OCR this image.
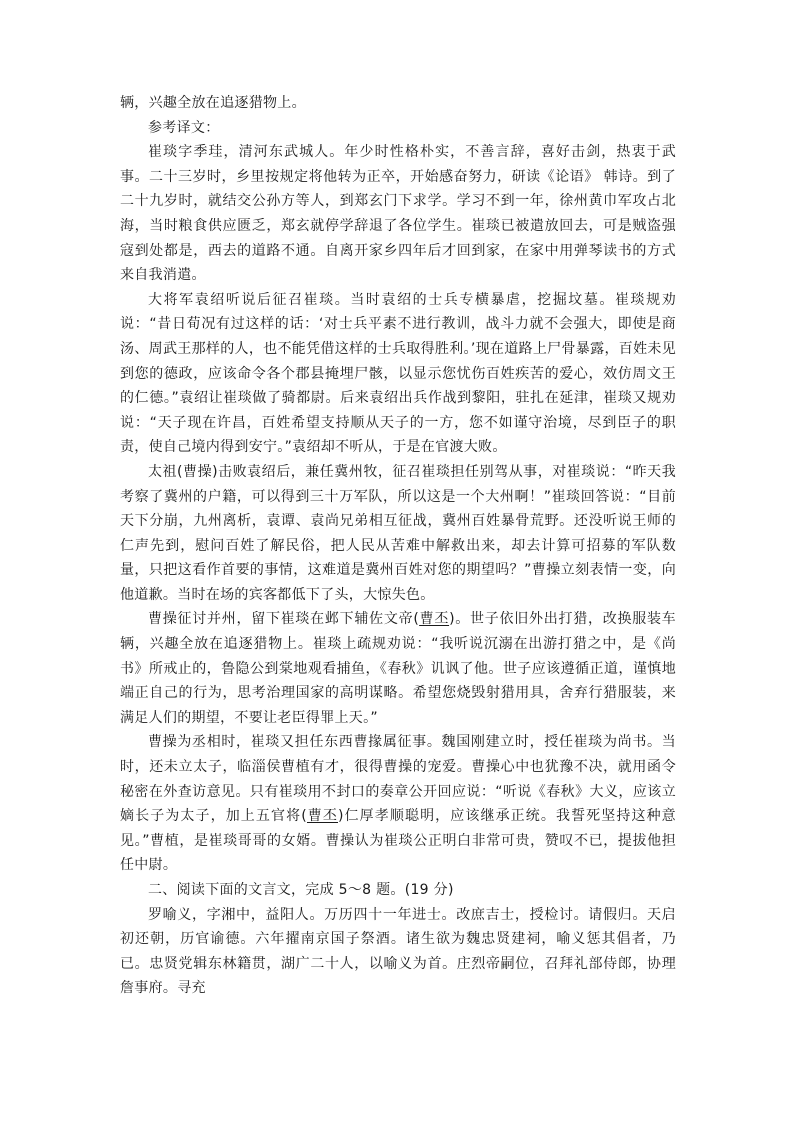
辆，兴趣全放在追逐猎物上。

参考译文：

崔琰字季珪，清河东武城人。年少时性格朴实，不善言辞，喜好击剑，热衷于武事。二十三岁时，乡里按规定将他转为正卒，开始感奋努力，研读《论语》 韩诗。到了二十九岁时，就结交公孙方等人，到郑玄门下求学。学习不到一年，徐州黄巾军攻占北海，当时粮食供应匮乏，郑玄就停学辞退了各位学生。崔琰已被遣放回去，可是贼盗强寇到处都是，西去的道路不通。自离开家乡四年后才回到家，在家中用弹琴读书的方式来自我消遣。

大将军袁绍听说后征召崔琰。当时袁绍的士兵专横暴虐，挖掘坟墓。崔琰规劝说：“昔日荀况有过这样的话：‘对士兵平素不进行教训，战斗力就不会强大，即使是商汤、周武王那样的人，也不能凭借这样的士兵取得胜利。’现在道路上尸骨暴露，百姓未见到您的德政，应该命令各个郡县掩埋尸骸，以显示您忧伤百姓疾苦的爱心，效仿周文王的仁德。”袁绍让崔琰做了骑都尉。后来袁绍出兵作战到黎阳，驻扎在延津，崔琰又规劝说：“天子现在许昌，百姓希望支持顺从天子的一方，您不如谨守治境，尽到臣子的职责，使自己境内得到安宁。”袁绍却不听从，于是在官渡大败。

太祖(曹操)击败袁绍后，兼任冀州牧，征召崔琰担任别驾从事，对崔琰说：“昨天我考察了冀州的户籍，可以得到三十万军队，所以这是一个大州啊！”崔琰回答说：“目前天下分崩，九州离析，袁谭、袁尚兄弟相互征战，冀州百姓暴骨荒野。还没听说王师的仁声先到，慰问百姓了解民俗，把人民从苦难中解救出来，却去计算可招募的军队数量，只把这看作首要的事情，这难道是冀州百姓对您的期望吗？”曹操立刻表情一变，向他道歉。当时在场的宾客都低下了头，大惊失色。

曹操征讨并州，留下崔琰在邺下辅佐文帝(曹丕)。世子依旧外出打猎，改换服装车辆，兴趣全放在追逐猎物上。崔琰上疏规劝说：“我听说沉溺在出游打猎之中，是《尚书》所戒止的，鲁隐公到棠地观看捕鱼，《春秋》讥讽了他。世子应该遵循正道，谨慎地端正自己的行为，思考治理国家的高明谋略。希望您烧毁射猎用具，舍弃行猎服装，来满足人们的期望，不要让老臣得罪上天。”

曹操为丞相时，崔琰又担任东西曹掾属征事。魏国刚建立时，授任崔琰为尚书。当时，还未立太子，临淄侯曹植有才，很得曹操的宠爱。曹操心中也犹豫不决，就用函令秘密在外查访意见。只有崔琰用不封口的奏章公开回应说：“听说《春秋》大义，应该立嫡长子为太子，加上五官将(曹丕)仁厚孝顺聪明，应该继承正统。我誓死坚持这种意见。”曹植，是崔琰哥哥的女婿。曹操认为崔琰公正明白非常可贵，赞叹不已，提拔他担任中尉。

二、阅读下面的文言文，完成 5～8 题。(19 分)

罗喻义，字湘中，益阳人。万历四十一年进士。改庶吉士，授检讨。请假归。天启初还朝，历官谕德。六年擢南京国子祭酒。诸生欲为魏忠贤建祠，喻义惩其倡者，乃已。忠贤党辑东林籍贯，湖广二十人，以喻义为首。庄烈帝嗣位，召拜礼部侍郎，协理詹事府。寻充
